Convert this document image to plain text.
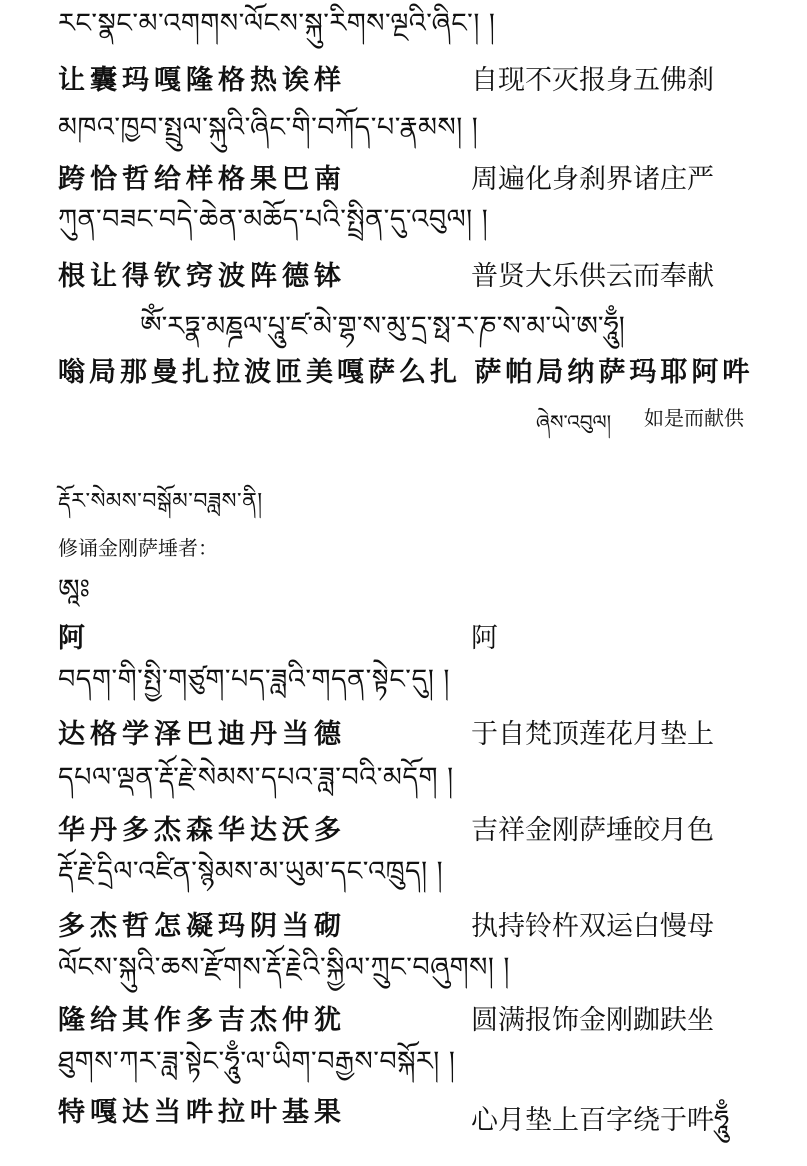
རང་སྣང་མ་འགགས་ལོངས་སྐུ་རིགས་ལྔའི་ཞིང་། །
让囊玛嘎隆格热诶样	自现不灭报身五佛刹
མཁའ་ཁྱབ་སྤྲུལ་སྐུའི་ཞིང་གི་བཀོད་པ་རྣམས། །
跨恰哲给样格果巴南	周遍化身刹界诸庄严
ཀུན་བཟང་བདེ་ཆེན་མཆོད་པའི་སྤྲིན་དུ་འབུལ། །
根让得钦窍波阵德钵	普贤大乐供云而奉献
ཨོཾ་རཏྣ་མཎྜལ་པཱུ་ཛ་མེ་གྷ་ས་མུ་དྲ་སྥ་ར་ཎ་ས་མ་ཡེ་ཨ་ཧཱུྃ།
嗡局那曼扎拉波匝美嘎萨么扎 萨帕局纳萨玛耶阿吽
ཞེས་འབུལ། 如是而献供
རྡོར་སེམས་བསྒོམ་བཟླས་ནི།
修诵金刚萨埵者：
ཨཱཿ
阿	阿
བདག་གི་སྤྱི་གཙུག་པད་ཟླའི་གདན་སྟེང་དུ། །
达格学泽巴迪丹当德	于自梵顶莲花月垫上
དཔལ་ལྡན་རྡོ་རྗེ་སེམས་དཔའ་ཟླ་བའི་མདོག །
华丹多杰森华达沃多	吉祥金刚萨埵皎月色
རྡོ་རྗེ་དྲིལ་འཛིན་སྙེམས་མ་ཡུམ་དང་འཁྲུད། །
多杰哲怎凝玛阴当砌	执持铃杵双运白慢母
ལོངས་སྐུའི་ཆས་རྫོགས་རྡོ་རྗེའི་སྐྱིལ་ཀྲུང་བཞུགས། །
隆给其作多吉杰仲犹	圆满报饰金刚跏趺坐
ཐུགས་ཀར་ཟླ་སྟེང་ཧཱུྃ་ལ་ཡིག་བརྒྱས་བསྐོར། །
特嘎达当吽拉叶基果	心月垫上百字绕于吽ཧཱུྃ
